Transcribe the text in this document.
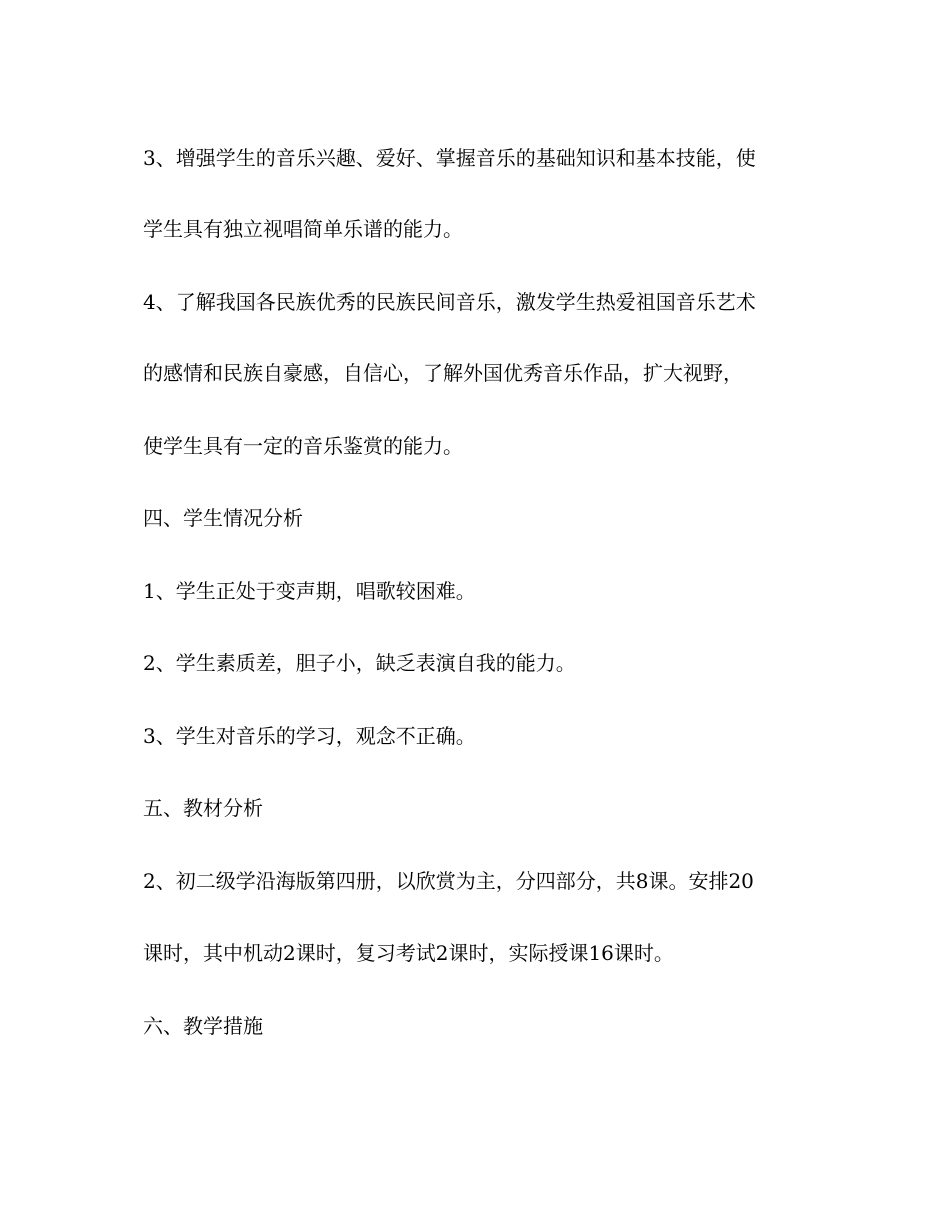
3、增强学生的音乐兴趣、爱好、掌握音乐的基础知识和基本技能，使
学生具有独立视唱简单乐谱的能力。
4、了解我国各民族优秀的民族民间音乐，激发学生热爱祖国音乐艺术
的感情和民族自豪感，自信心，了解外国优秀音乐作品，扩大视野，
使学生具有一定的音乐鉴赏的能力。
四、学生情况分析
1、学生正处于变声期，唱歌较困难。
2、学生素质差，胆子小，缺乏表演自我的能力。
3、学生对音乐的学习，观念不正确。
五、教材分析
2、初二级学沿海版第四册，以欣赏为主，分四部分，共8课。安排20
课时，其中机动2课时，复习考试2课时，实际授课16课时。
六、教学措施
